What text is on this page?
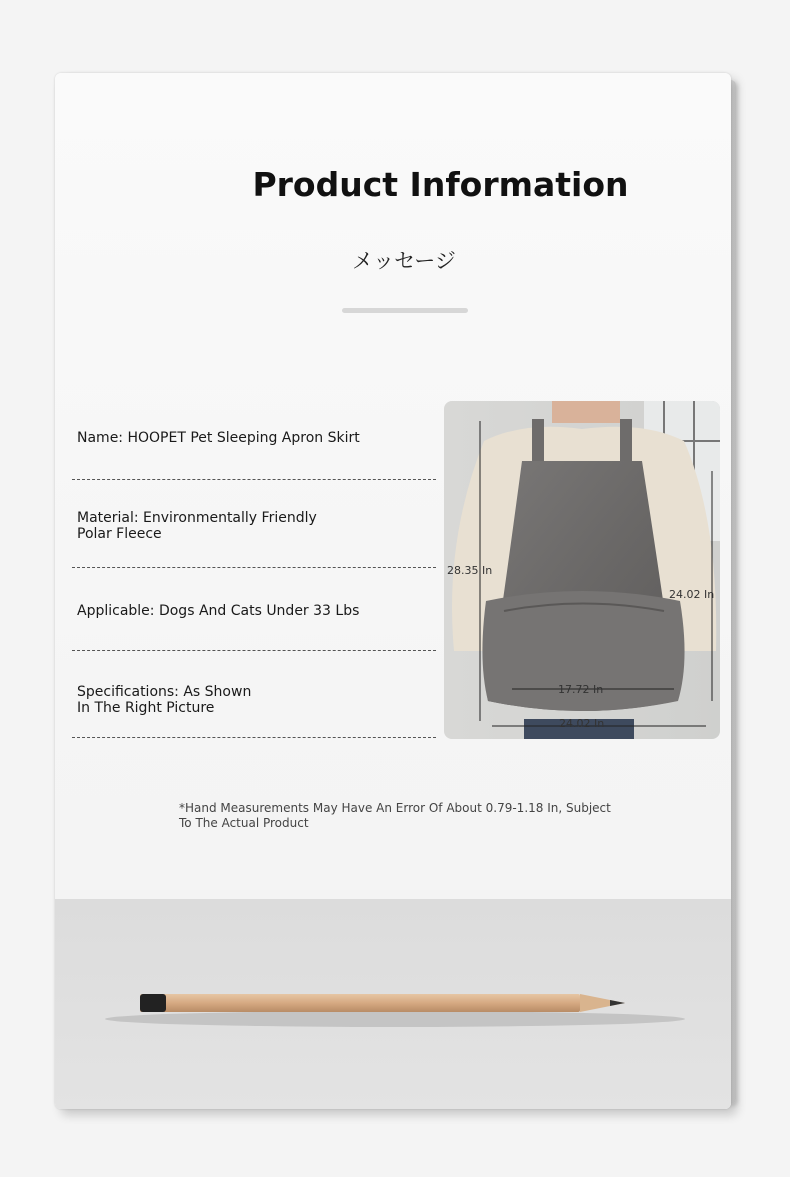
Product Information
メッセージ
Name: HOOPET Pet Sleeping Apron Skirt
Material: Environmentally Friendly
Polar Fleece
Applicable: Dogs And Cats Under 33 Lbs
Specifications: As Shown
In The Right Picture
28.35 In
24.02 In
17.72 In
24.02 In
*Hand Measurements May Have An Error Of About 0.79-1.18 In, Subject To The Actual Product
